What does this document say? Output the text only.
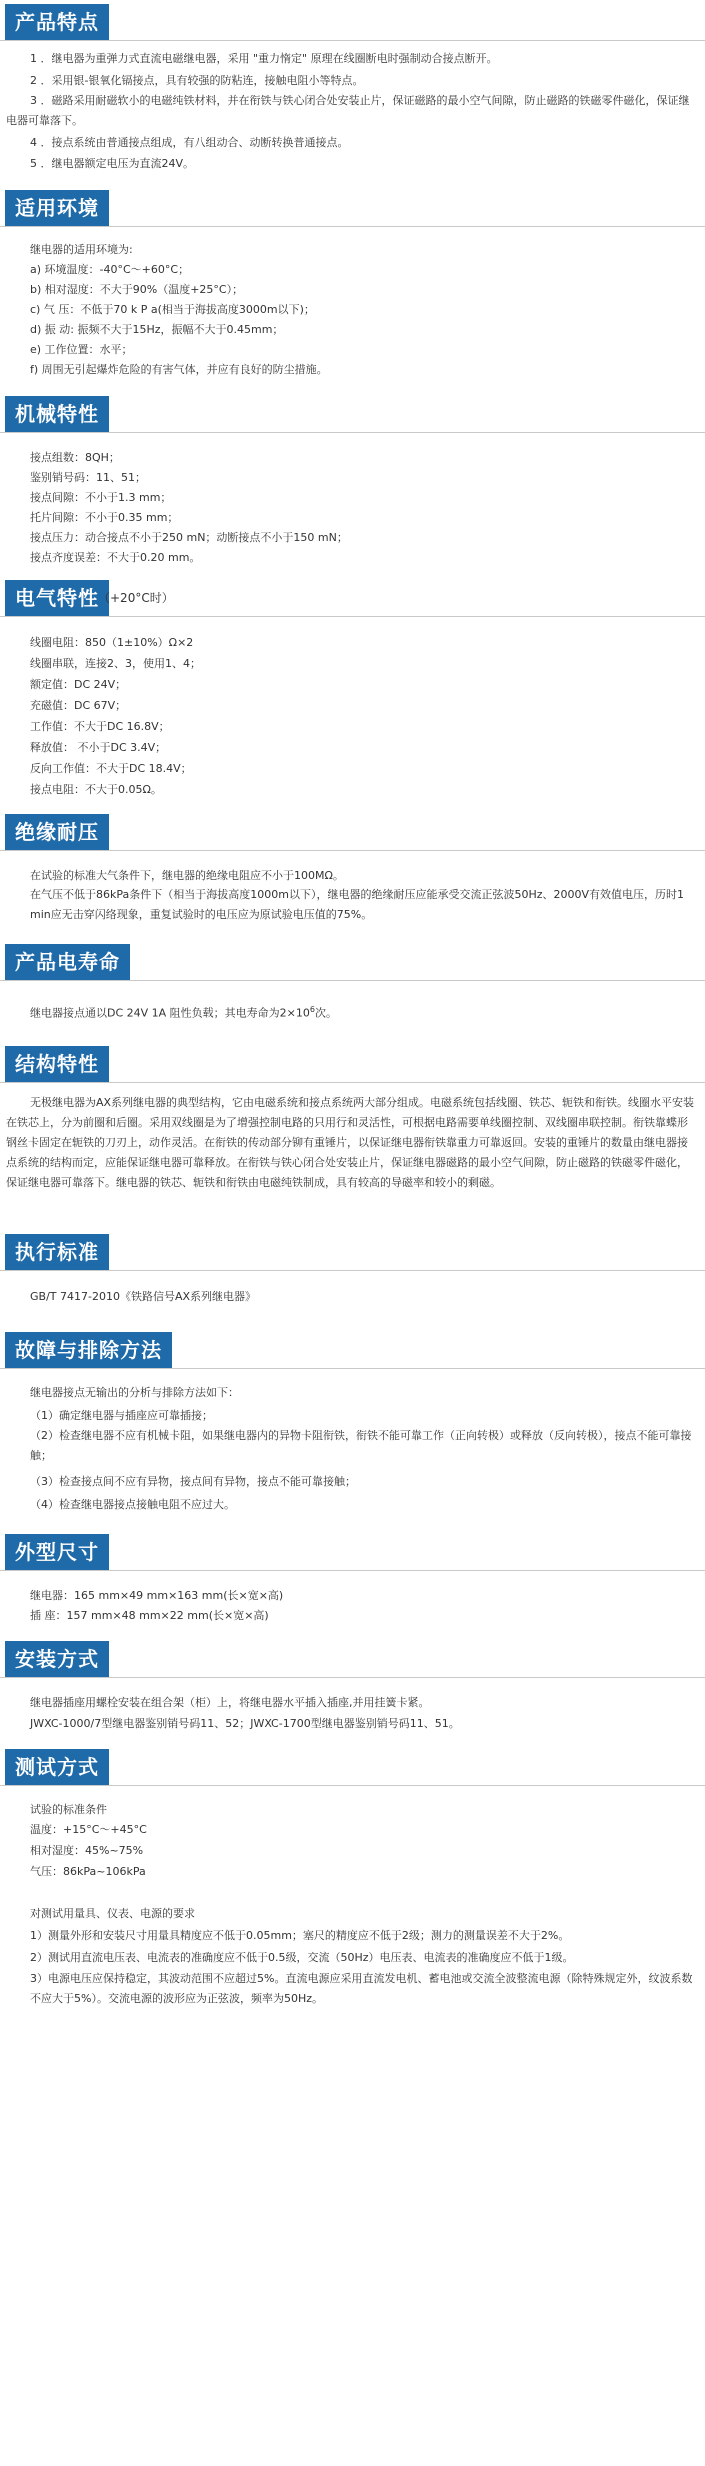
产品特点
1 ．继电器为重弹力式直流电磁继电器，采用 "重力惰定" 原理在线圈断电时强制动合接点断开。
2 ．采用银-银氧化镉接点，具有较强的防粘连，接触电阻小等特点。
3 ．磁路采用耐磁软小的电磁纯铁材料，并在衔铁与铁心闭合处安装止片，保证磁路的最小空气间隙，防止磁路的铁磁零件磁化，保证继电器可靠落下。
4 ．接点系统由普通接点组成，有八组动合、动断转换普通接点。
5 ．继电器额定电压为直流24V。
适用环境
继电器的适用环境为:
a) 环境温度：-40°C～+60°C；
b) 相对湿度：不大于90%（温度+25°C）；
c) 气 压：不低于70 k P a(相当于海拔高度3000m以下)；
d) 振 动: 振频不大于15Hz，振幅不大于0.45mm；
e) 工作位置：水平；
f) 周围无引起爆炸危险的有害气体，并应有良好的防尘措施。
机械特性
接点组数：8QH；
鉴别销号码：11、51；
接点间隙：不小于1.3 mm；
托片间隙：不小于0.35 mm；
接点压力：动合接点不小于250 mN；动断接点不小于150 mN；
接点齐度误差：不大于0.20 mm。
电气特性 （+20°C时）
线圈电阻：850（1±10%）Ω×2
线圈串联，连接2、3，使用1、4；
额定值：DC 24V；
充磁值：DC 67V；
工作值：不大于DC 16.8V；
释放值： 不小于DC 3.4V；
反向工作值：不大于DC 18.4V；
接点电阻：不大于0.05Ω。
绝缘耐压
在试验的标准大气条件下，继电器的绝缘电阻应不小于100MΩ。
在气压不低于86kPa条件下（相当于海拔高度1000m以下），继电器的绝缘耐压应能承受交流正弦波50Hz、2000V有效值电压，历时1min应无击穿闪络现象，重复试验时的电压应为原试验电压值的75%。
产品电寿命
继电器接点通以DC 24V 1A 阻性负载；其电寿命为$2\times 10^6$次。
结构特性
无极继电器为AX系列继电器的典型结构，它由电磁系统和接点系统两大部分组成。电磁系统包括线圈、铁芯、轭铁和衔铁。线圈水平安装在铁芯上，分为前圈和后圈。采用双线圈是为了增强控制电路的只用行和灵活性，可根据电路需要单线圈控制、双线圈串联控制。衔铁靠蝶形钢丝卡固定在轭铁的刀刃上，动作灵活。在衔铁的传动部分铆有重锤片，以保证继电器衔铁靠重力可靠返回。安装的重锤片的数量由继电器接点系统的结构而定，应能保证继电器可靠释放。在衔铁与铁心闭合处安装止片，保证继电器磁路的最小空气间隙，防止磁路的铁磁零件磁化，保证继电器可靠落下。继电器的铁芯、轭铁和衔铁由电磁纯铁制成，具有较高的导磁率和较小的剩磁。
执行标准
GB/T 7417-2010《铁路信号AX系列继电器》
故障与排除方法
继电器接点无输出的分析与排除方法如下：
（1）确定继电器与插座应可靠插接；
（2）检查继电器不应有机械卡阻，如果继电器内的异物卡阻衔铁，衔铁不能可靠工作（正向转极）或释放（反向转极），接点不能可靠接触；
（3）检查接点间不应有异物，接点间有异物，接点不能可靠接触；
（4）检查继电器接点接触电阻不应过大。
外型尺寸
继电器：165 mm×49 mm×163 mm(长×宽×高)
插 座：157 mm×48 mm×22 mm(长×宽×高)
安装方式
继电器插座用螺栓安装在组合架（柜）上，将继电器水平插入插座,并用挂簧卡紧。
JWXC-1000/7型继电器鉴别销号码11、52；JWXC-1700型继电器鉴别销号码11、51。
测试方式
试验的标准条件
温度：+15°C～+45°C
相对湿度：45%~75%
气压：86kPa~106kPa
对测试用量具、仪表、电源的要求
1）测量外形和安装尺寸用量具精度应不低于0.05mm；塞尺的精度应不低于2级；测力的测量误差不大于2%。
2）测试用直流电压表、电流表的准确度应不低于0.5级，交流（50Hz）电压表、电流表的准确度应不低于1级。
3）电源电压应保持稳定，其波动范围不应超过5%。直流电源应采用直流发电机、蓄电池或交流全波整流电源（除特殊规定外，纹波系数不应大于5%）。交流电源的波形应为正弦波，频率为50Hz。
